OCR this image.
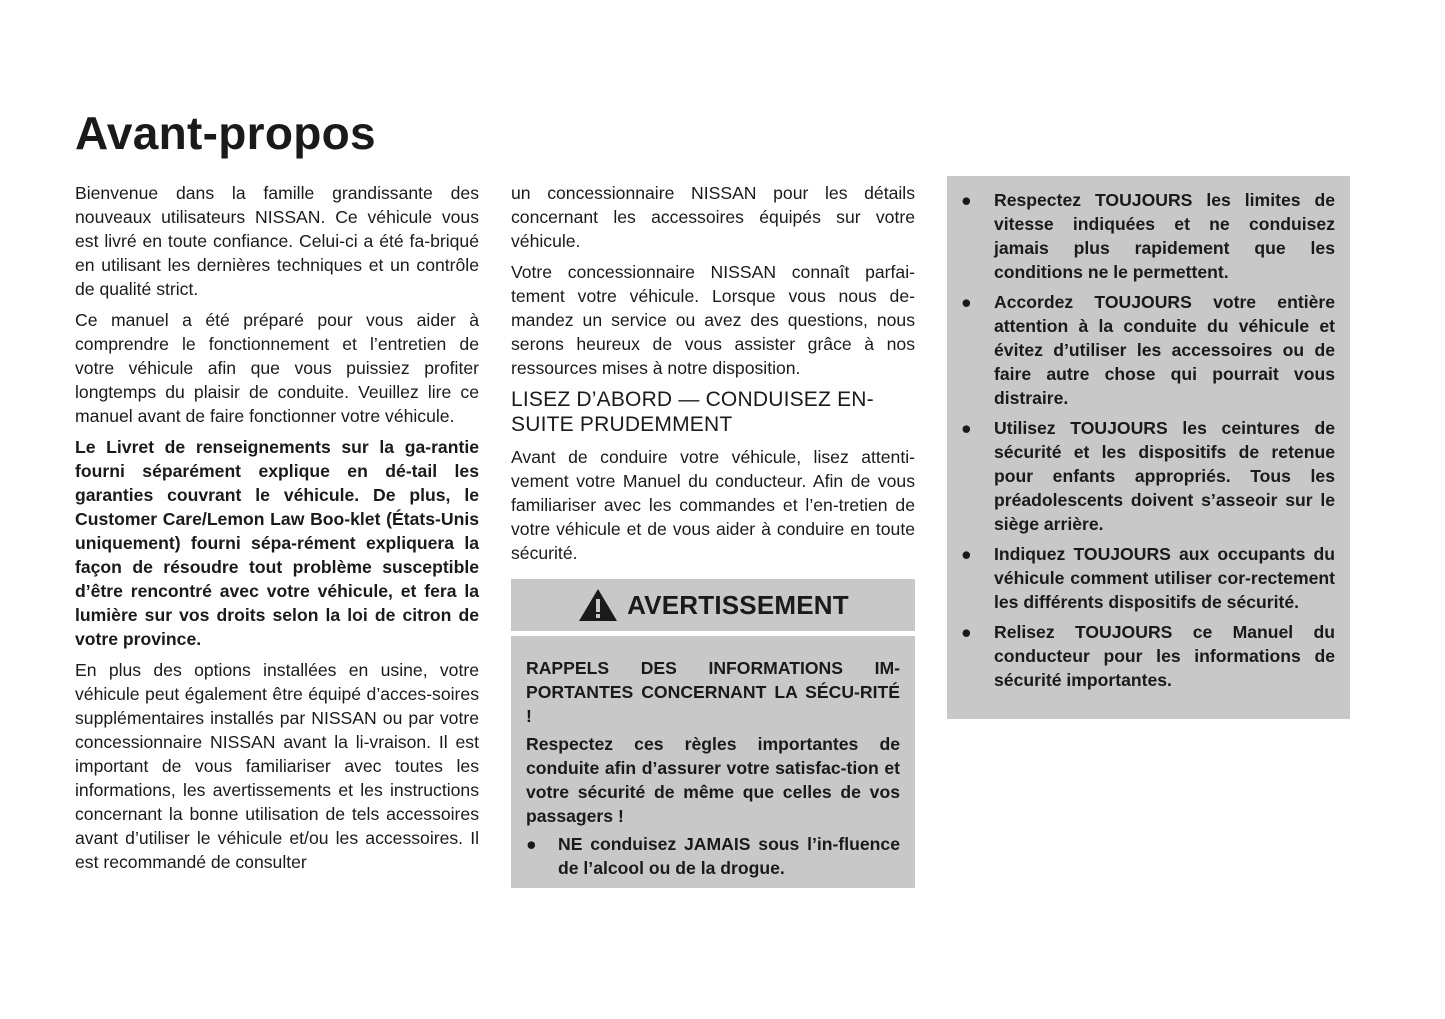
Avant-propos

Bienvenue dans la famille grandissante des nouveaux utilisateurs NISSAN. Ce véhicule vous est livré en toute confiance. Celui-ci a été fa-briqué en utilisant les dernières techniques et un contrôle de qualité strict.

Ce manuel a été préparé pour vous aider à comprendre le fonctionnement et l’entretien de votre véhicule afin que vous puissiez profiter longtemps du plaisir de conduite. Veuillez lire ce manuel avant de faire fonctionner votre véhicule.

Le Livret de renseignements sur la ga-rantie fourni séparément explique en dé-tail les garanties couvrant le véhicule. De plus, le Customer Care/Lemon Law Boo-klet (États-Unis uniquement) fourni sépa-rément expliquera la façon de résoudre tout problème susceptible d’être rencontré avec votre véhicule, et fera la lumière sur vos droits selon la loi de citron de votre province.

En plus des options installées en usine, votre véhicule peut également être équipé d’acces-soires supplémentaires installés par NISSAN ou par votre concessionnaire NISSAN avant la li-vraison. Il est important de vous familiariser avec toutes les informations, les avertissements et les instructions concernant la bonne utilisation de tels accessoires avant d’utiliser le véhicule et/ou les accessoires. Il est recommandé de consulter

un concessionnaire NISSAN pour les détails concernant les accessoires équipés sur votre véhicule.

Votre concessionnaire NISSAN connaît parfai-tement votre véhicule. Lorsque vous nous de-mandez un service ou avez des questions, nous serons heureux de vous assister grâce à nos ressources mises à notre disposition.

LISEZ D’ABORD — CONDUISEZ EN-SUITE PRUDEMMENT

Avant de conduire votre véhicule, lisez attenti-vement votre Manuel du conducteur. Afin de vous familiariser avec les commandes et l’en-tretien de votre véhicule et de vous aider à conduire en toute sécurité.

AVERTISSEMENT

RAPPELS DES INFORMATIONS IM-PORTANTES CONCERNANT LA SÉCU-RITÉ !

Respectez ces règles importantes de conduite afin d’assurer votre satisfac-tion et votre sécurité de même que celles de vos passagers !

●	NE conduisez JAMAIS sous l’in-fluence de l’alcool ou de la drogue.
●	Respectez TOUJOURS les limites de vitesse indiquées et ne conduisez jamais plus rapidement que les conditions ne le permettent.
●	Accordez TOUJOURS votre entière attention à la conduite du véhicule et évitez d’utiliser les accessoires ou de faire autre chose qui pourrait vous distraire.
●	Utilisez TOUJOURS les ceintures de sécurité et les dispositifs de retenue pour enfants appropriés. Tous les préadolescents doivent s’asseoir sur le siège arrière.
●	Indiquez TOUJOURS aux occupants du véhicule comment utiliser cor-rectement les différents dispositifs de sécurité.
●	Relisez TOUJOURS ce Manuel du conducteur pour les informations de sécurité importantes.
